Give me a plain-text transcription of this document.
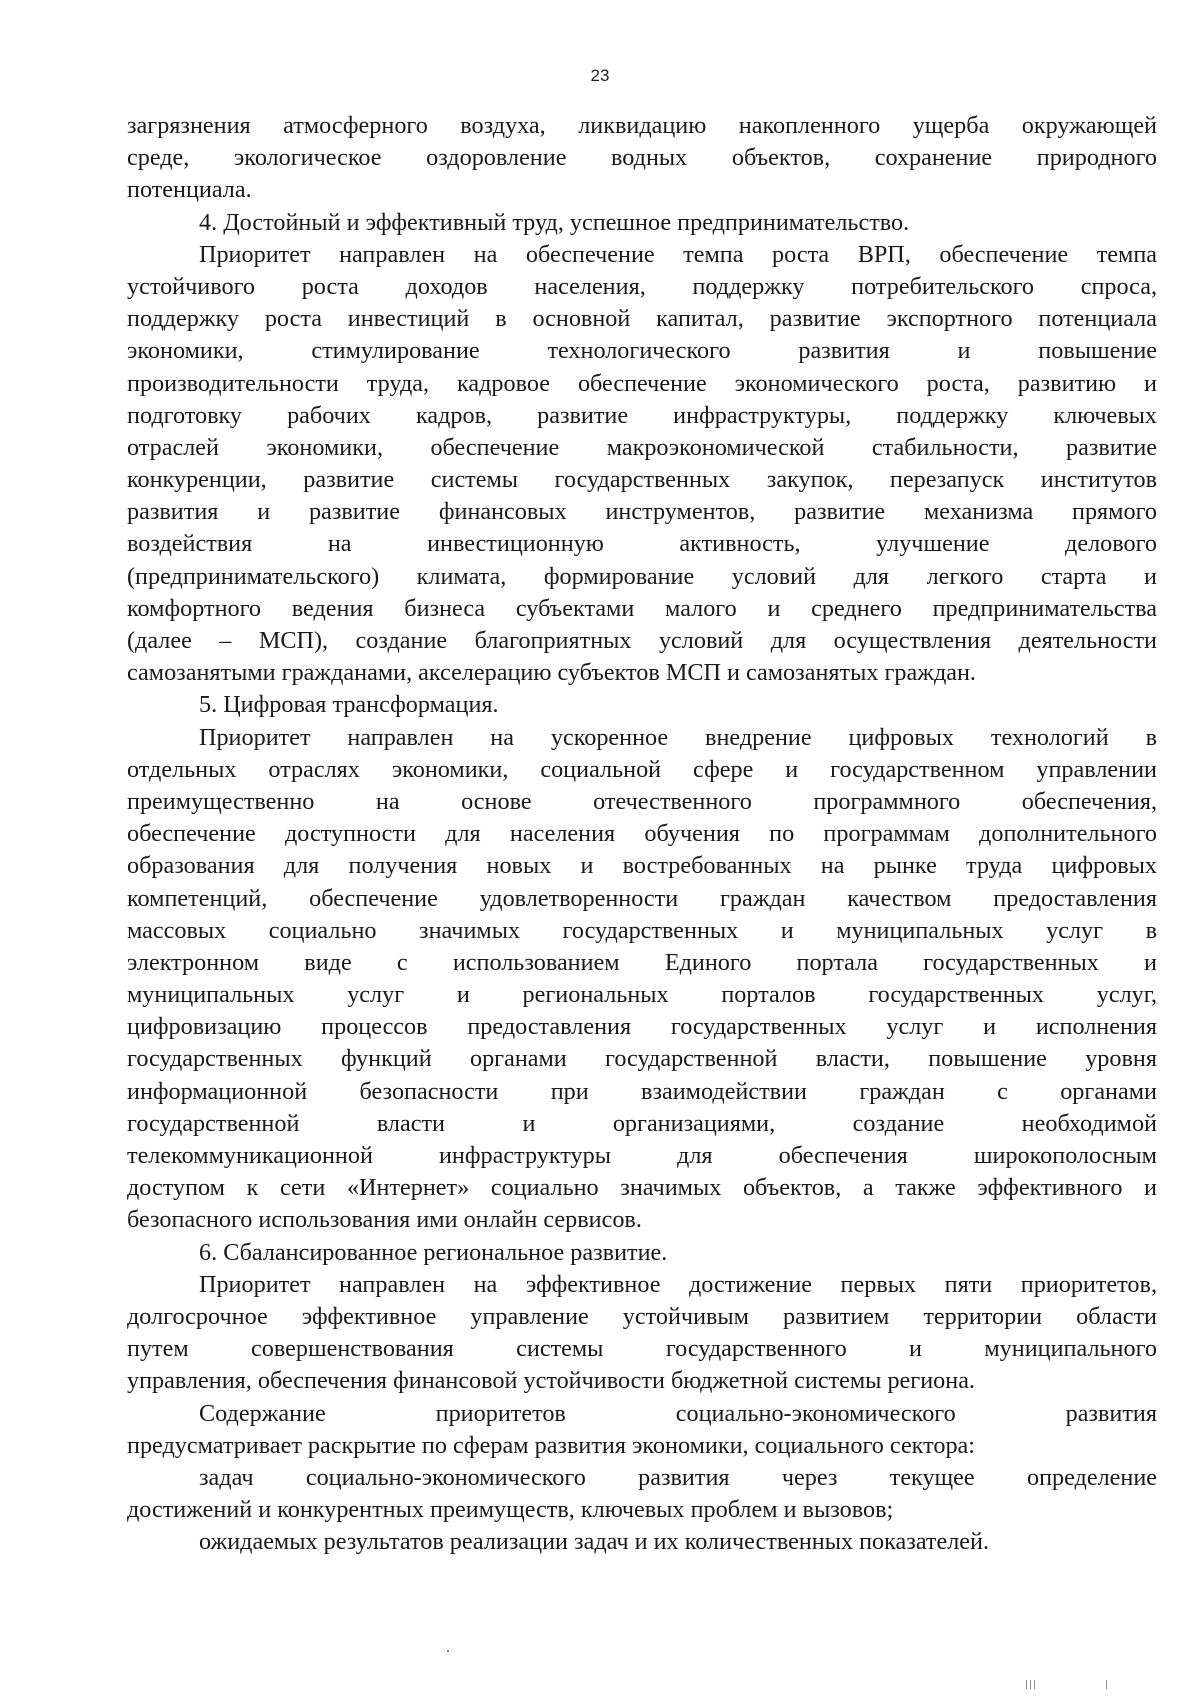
23
загрязнения атмосферного воздуха, ликвидацию накопленного ущерба окружающей
среде, экологическое оздоровление водных объектов, сохранение природного
потенциала.
4. Достойный и эффективный труд, успешное предпринимательство.
Приоритет направлен на обеспечение темпа роста ВРП, обеспечение темпа
устойчивого роста доходов населения, поддержку потребительского спроса,
поддержку роста инвестиций в основной капитал, развитие экспортного потенциала
экономики, стимулирование технологического развития и повышение
производительности труда, кадровое обеспечение экономического роста, развитию и
подготовку рабочих кадров, развитие инфраструктуры, поддержку ключевых
отраслей экономики, обеспечение макроэкономической стабильности, развитие
конкуренции, развитие системы государственных закупок, перезапуск институтов
развития и развитие финансовых инструментов, развитие механизма прямого
воздействия на инвестиционную активность, улучшение делового
(предпринимательского) климата, формирование условий для легкого старта и
комфортного ведения бизнеса субъектами малого и среднего предпринимательства
(далее – МСП), создание благоприятных условий для осуществления деятельности
самозанятыми гражданами, акселерацию субъектов МСП и самозанятых граждан.
5. Цифровая трансформация.
Приоритет направлен на ускоренное внедрение цифровых технологий в
отдельных отраслях экономики, социальной сфере и государственном управлении
преимущественно на основе отечественного программного обеспечения,
обеспечение доступности для населения обучения по программам дополнительного
образования для получения новых и востребованных на рынке труда цифровых
компетенций, обеспечение удовлетворенности граждан качеством предоставления
массовых социально значимых государственных и муниципальных услуг в
электронном виде с использованием Единого портала государственных и
муниципальных услуг и региональных порталов государственных услуг,
цифровизацию процессов предоставления государственных услуг и исполнения
государственных функций органами государственной власти, повышение уровня
информационной безопасности при взаимодействии граждан с органами
государственной власти и организациями, создание необходимой
телекоммуникационной инфраструктуры для обеспечения широкополосным
доступом к сети «Интернет» социально значимых объектов, а также эффективного и
безопасного использования ими онлайн сервисов.
6. Сбалансированное региональное развитие.
Приоритет направлен на эффективное достижение первых пяти приоритетов,
долгосрочное эффективное управление устойчивым развитием территории области
путем совершенствования системы государственного и муниципального
управления, обеспечения финансовой устойчивости бюджетной системы региона.
Содержание приоритетов социально-экономического развития
предусматривает раскрытие по сферам развития экономики, социального сектора:
задач социально-экономического развития через текущее определение
достижений и конкурентных преимуществ, ключевых проблем и вызовов;
ожидаемых результатов реализации задач и их количественных показателей.
